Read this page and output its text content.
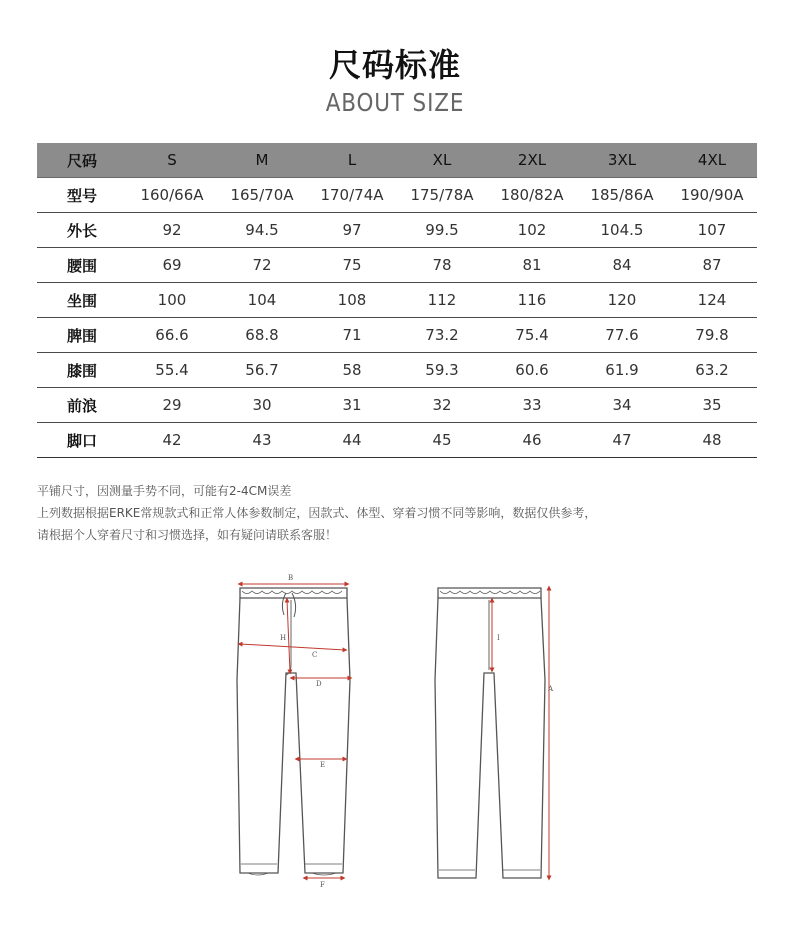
尺码标准
ABOUT SIZE
尺码	S	M	L	XL	2XL	3XL	4XL
型号	160/66A	165/70A	170/74A	175/78A	180/82A	185/86A	190/90A
外长	92	94.5	97	99.5	102	104.5	107
腰围	69	72	75	78	81	84	87
坐围	100	104	108	112	116	120	124
脾围	66.6	68.8	71	73.2	75.4	77.6	79.8
膝围	55.4	56.7	58	59.3	60.6	61.9	63.2
前浪	29	30	31	32	33	34	35
脚口	42	43	44	45	46	47	48
平铺尺寸，因测量手势不同，可能有2-4CM误差
上列数据根据ERKE常规款式和正常人体参数制定，因款式、体型、穿着习惯不同等影响，数据仅供参考，
请根据个人穿着尺寸和习惯选择，如有疑问请联系客服！
B
H
C
D
E
F
I
A
